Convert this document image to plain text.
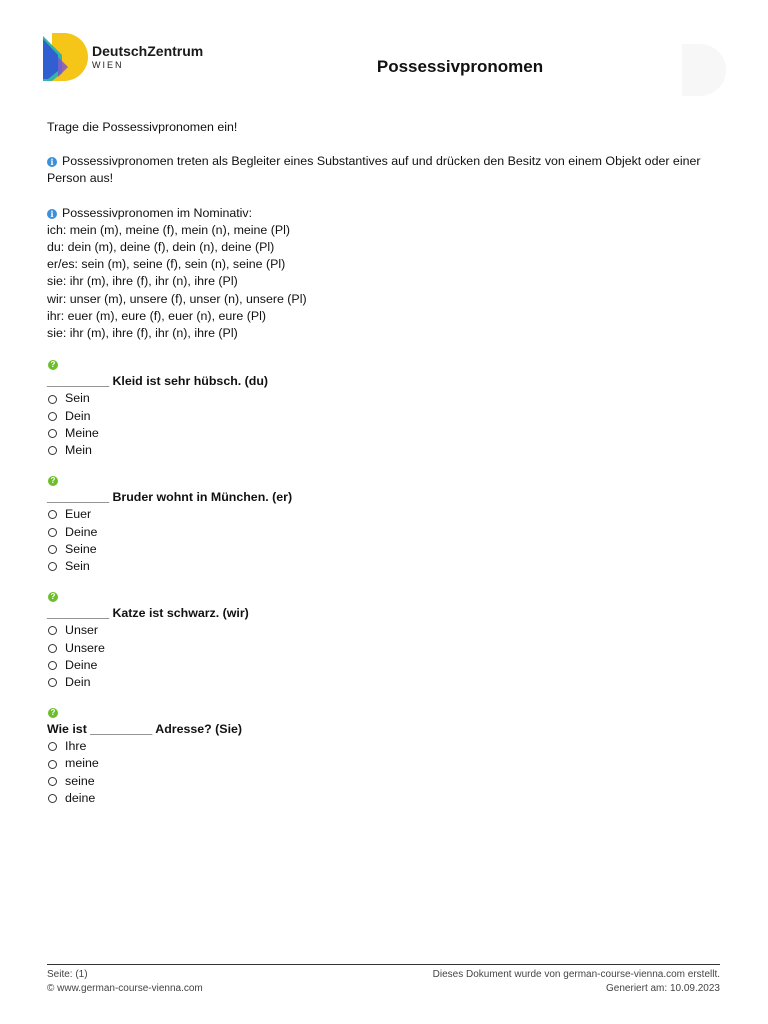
DeutschZentrum
WIEN	Possessivpronomen

Trage die Possessivpronomen ein!

i Possessivpronomen treten als Begleiter eines Substantives auf und drücken den Besitz von einem Objekt oder einer Person aus!

i Possessivpronomen im Nominativ:
ich: mein (m), meine (f), mein (n), meine (Pl)
du: dein (m), deine (f), dein (n), deine (Pl)
er/es: sein (m), seine (f), sein (n), seine (Pl)
sie: ihr (m), ihre (f), ihr (n), ihre (Pl)
wir: unser (m), unsere (f), unser (n), unsere (Pl)
ihr: euer (m), eure (f), euer (n), eure (Pl)
sie: ihr (m), ihre (f), ihr (n), ihre (Pl)
?
_________ Kleid ist sehr hübsch. (du)
Sein
Dein
Meine
Mein
?
_________ Bruder wohnt in München. (er)
Euer
Deine
Seine
Sein
?
_________ Katze ist schwarz. (wir)
Unser
Unsere
Deine
Dein
?
Wie ist _________ Adresse? (Sie)
Ihre
meine
seine
deine
Seite: (1)
© www.german-course-vienna.com
Dieses Dokument wurde von german-course-vienna.com erstellt.
Generiert am: 10.09.2023
